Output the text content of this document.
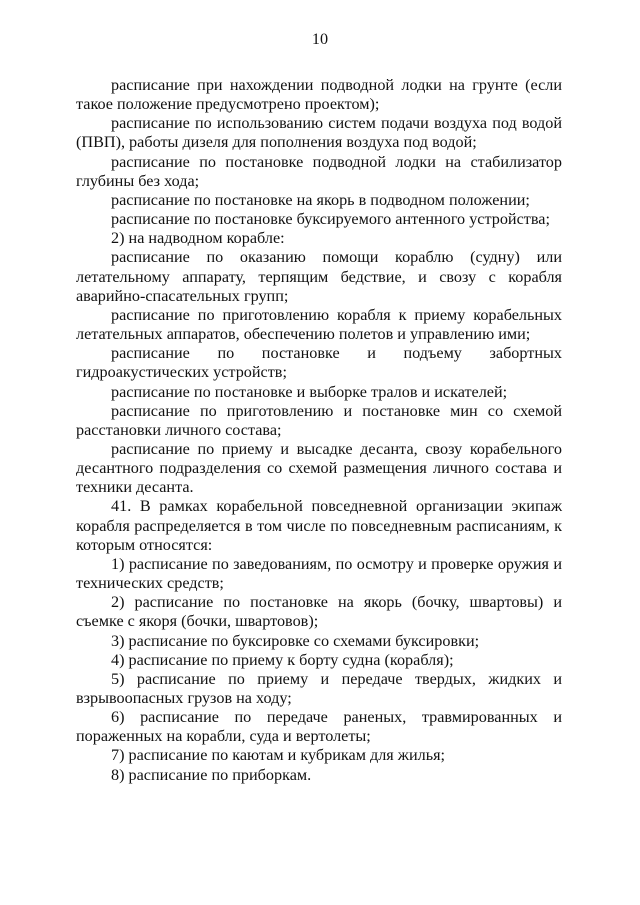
10

расписание при нахождении подводной лодки на грунте (если такое положение предусмотрено проектом);

расписание по использованию систем подачи воздуха под водой (ПВП), работы дизеля для пополнения воздуха под водой;

расписание по постановке подводной лодки на стабилизатор глубины без хода;

расписание по постановке на якорь в подводном положении;

расписание по постановке буксируемого антенного устройства;

2) на надводном корабле:

расписание по оказанию помощи кораблю (судну) или летательному аппарату, терпящим бедствие, и свозу с корабля аварийно-спасательных групп;

расписание по приготовлению корабля к приему корабельных летательных аппаратов, обеспечению полетов и управлению ими;

расписание по постановке и подъему забортных гидроакустических устройств;

расписание по постановке и выборке тралов и искателей;

расписание по приготовлению и постановке мин со схемой расстановки личного состава;

расписание по приему и высадке десанта, свозу корабельного десантного подразделения со схемой размещения личного состава и техники десанта.

41. В рамках корабельной повседневной организации экипаж корабля распределяется в том числе по повседневным расписаниям, к которым относятся:

1) расписание по заведованиям, по осмотру и проверке оружия и технических средств;

2) расписание по постановке на якорь (бочку, швартовы) и съемке с якоря (бочки, швартовов);

3) расписание по буксировке со схемами буксировки;

4) расписание по приему к борту судна (корабля);

5) расписание по приему и передаче твердых, жидких и взрывоопасных грузов на ходу;

6) расписание по передаче раненых, травмированных и пораженных на корабли, суда и вертолеты;

7) расписание по каютам и кубрикам для жилья;

8) расписание по приборкам.
